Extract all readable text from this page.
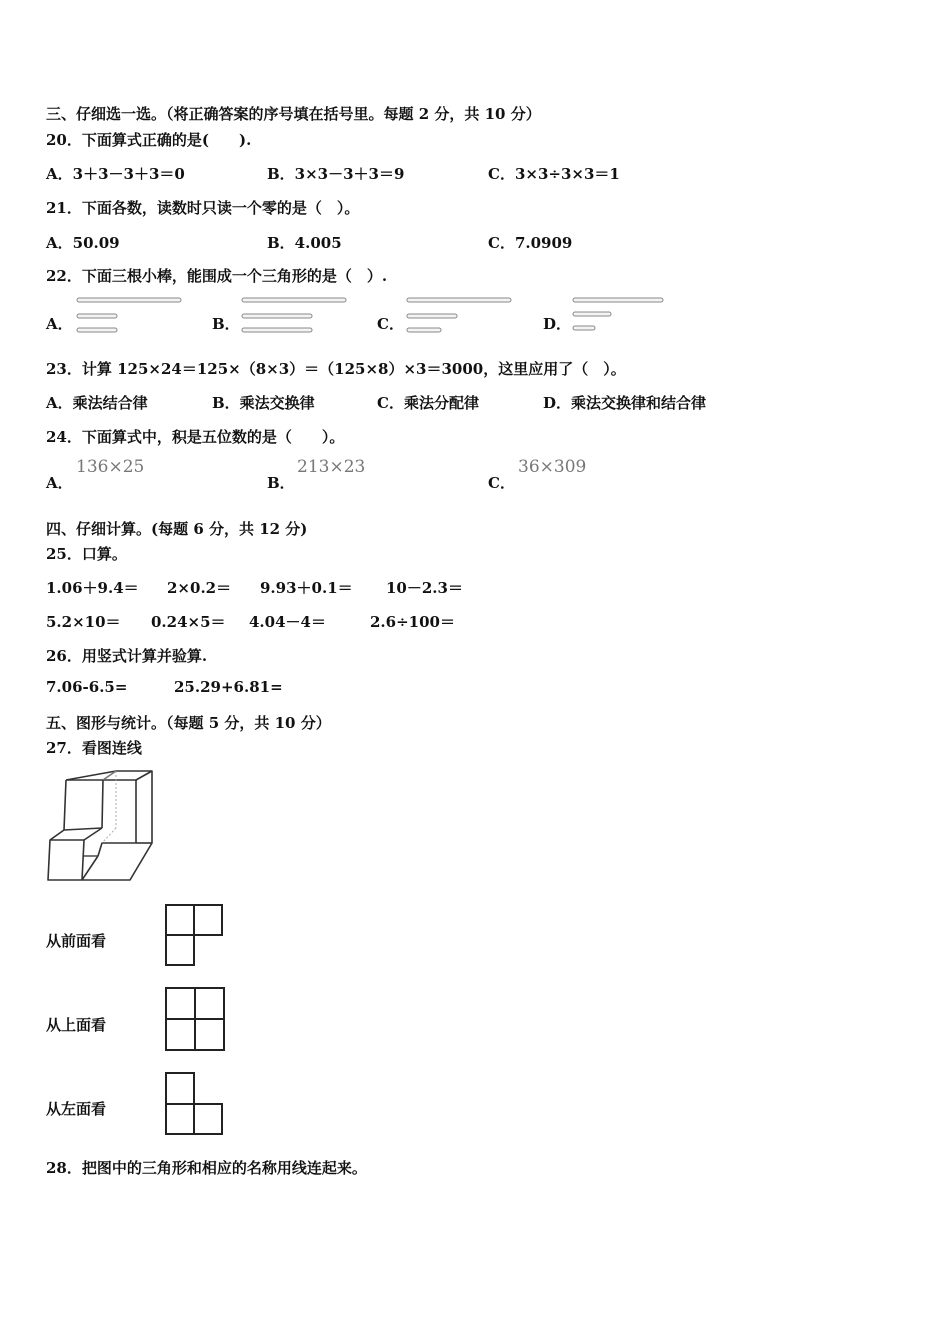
三、仔细选一选。（将正确答案的序号填在括号里。每题 2 分，共 10 分）
20．下面算式正确的是(　　).
A．3＋3－3＋3＝0	B．3×3－3＋3＝9	C．3×3÷3×3＝1
21．下面各数，读数时只读一个零的是（　）。
A．50.09	B．4.005	C．7.0909
22．下面三根小棒，能围成一个三角形的是（　）.
A．	B．	C．	D．
23．计算 125×24＝125×（8×3）＝（125×8）×3＝3000，这里应用了（　）。
A．乘法结合律	B．乘法交换律	C．乘法分配律	D．乘法交换律和结合律
24．下面算式中，积是五位数的是（　　）。
A．
136×25
B．
213×23
C．
36×309
四、仔细计算。(每题 6 分，共 12 分)
25．口算。
1.06＋9.4＝ 2×0.2＝ 9.93＋0.1＝ 10－2.3＝
5.2×10＝ 0.24×5＝ 4.04－4＝	2.6÷100＝
26．用竖式计算并验算.
7.06-6.5=	25.29+6.81=
五、图形与统计。（每题 5 分，共 10 分）
27．看图连线
从前面看
从上面看
从左面看
28．把图中的三角形和相应的名称用线连起来。
